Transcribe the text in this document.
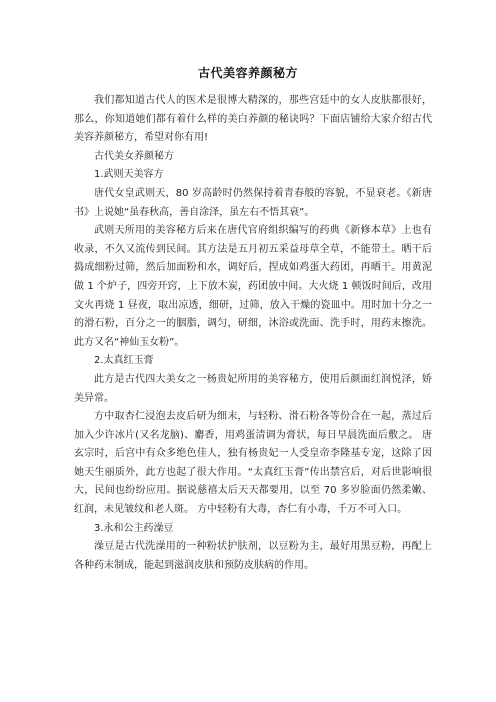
古代美容养颜秘方

我们都知道古代人的医术是很博大精深的，那些宫廷中的女人皮肤都很好，那么，你知道她们都有着什么样的美白养颜的秘诀吗？下面店铺给大家介绍古代美容养颜秘方，希望对你有用!

古代美女养颜秘方

1.武则天美容方

唐代女皇武则天，80 岁高龄时仍然保持着青春般的容貌，不显衰老。《新唐书》上说她“虽春秋高，善自涂泽，虽左右不悟其衰”。

武则天所用的美容秘方后来在唐代官府组织编写的药典《新修本草》上也有收录，不久又流传到民间。其方法是五月初五采益母草全草，不能带土。晒干后捣成细粉过筛，然后加面粉和水，调好后，捏成如鸡蛋大药团，再晒干。用黄泥做 1 个炉子，四旁开窍，上下放木炭，药团放中间。大火烧 1 顿饭时间后，改用文火再烧 1 昼夜，取出凉透，细研，过筛，放入干燥的瓷皿中。用时加十分之一的滑石粉，百分之一的胭脂，调匀，研细，沐浴或洗面、洗手时，用药末擦洗。此方又名“神仙玉女粉”。

2.太真红玉膏

此方是古代四大美女之一杨贵妃所用的美容秘方，使用后颜面红润悦泽，娇美异常。

方中取杏仁浸泡去皮后研为细末，与轻粉、滑石粉各等份合在一起，蒸过后加入少许冰片(又名龙脑)、麝香，用鸡蛋清调为膏状，每日早晨洗面后敷之。 唐玄宗时，后宫中有众多绝色佳人，独有杨贵妃一人受皇帝李隆基专宠，这除了因她天生丽质外，此方也起了很大作用。“太真红玉膏”传出禁宫后，对后世影响很大，民间也纷纷应用。据说慈禧太后天天都要用，以至 70 多岁脸面仍然柔嫩、红润，未见皱纹和老人斑。 方中轻粉有大毒，杏仁有小毒，千万不可入口。

3.永和公主药澡豆

澡豆是古代洗澡用的一种粉状护肤剂，以豆粉为主，最好用黑豆粉，再配上各种药末制成，能起到滋润皮肤和预防皮肤病的作用。
